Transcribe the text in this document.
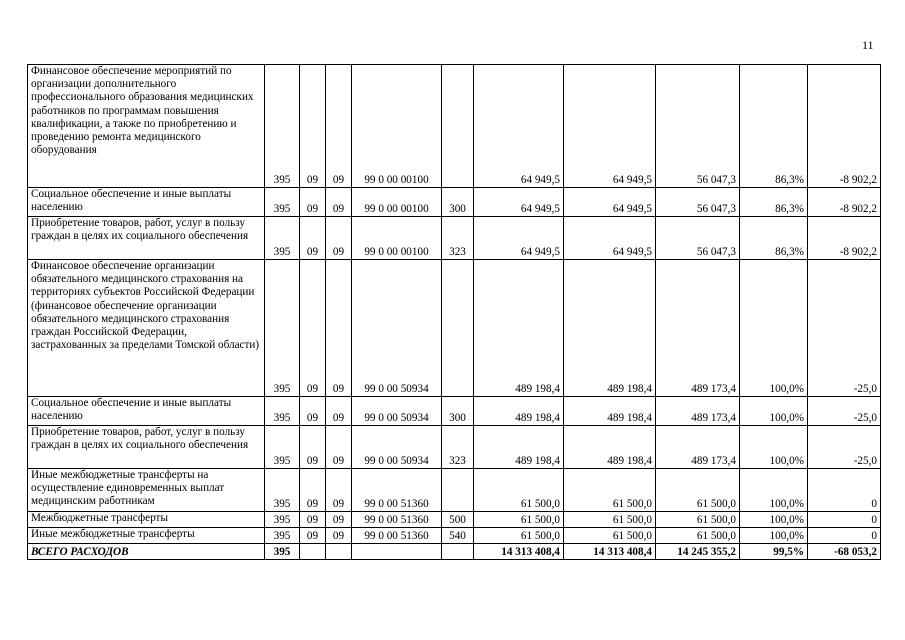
11
Финансовое обеспечение мероприятий по организации дополнительного профессионального образования медицинских работников по программам повышения квалификации, а также по приобретению и проведению ремонта медицинского оборудования	395	09	09	99 0 00 00100		64 949,5	64 949,5	56 047,3	86,3%	-8 902,2
Социальное обеспечение и иные выплаты населению	395	09	09	99 0 00 00100	300	64 949,5	64 949,5	56 047,3	86,3%	-8 902,2
Приобретение товаров, работ, услуг в пользу граждан в целях их социального обеспечения	395	09	09	99 0 00 00100	323	64 949,5	64 949,5	56 047,3	86,3%	-8 902,2
Финансовое обеспечение организации обязательного медицинского страхования на территориях субъектов Российской Федерации (финансовое обеспечение организации обязательного медицинского страхования граждан Российской Федерации, застрахованных за пределами Томской области)	395	09	09	99 0 00 50934		489 198,4	489 198,4	489 173,4	100,0%	-25,0
Социальное обеспечение и иные выплаты населению	395	09	09	99 0 00 50934	300	489 198,4	489 198,4	489 173,4	100,0%	-25,0
Приобретение товаров, работ, услуг в пользу граждан в целях их социального обеспечения	395	09	09	99 0 00 50934	323	489 198,4	489 198,4	489 173,4	100,0%	-25,0
Иные межбюджетные трансферты на осуществление единовременных выплат медицинским работникам	395	09	09	99 0 00 51360		61 500,0	61 500,0	61 500,0	100,0%	0
Межбюджетные трансферты	395	09	09	99 0 00 51360	500	61 500,0	61 500,0	61 500,0	100,0%	0
Иные межбюджетные трансферты	395	09	09	99 0 00 51360	540	61 500,0	61 500,0	61 500,0	100,0%	0
ВСЕГО РАСХОДОВ	395					14 313 408,4	14 313 408,4	14 245 355,2	99,5%	-68 053,2
